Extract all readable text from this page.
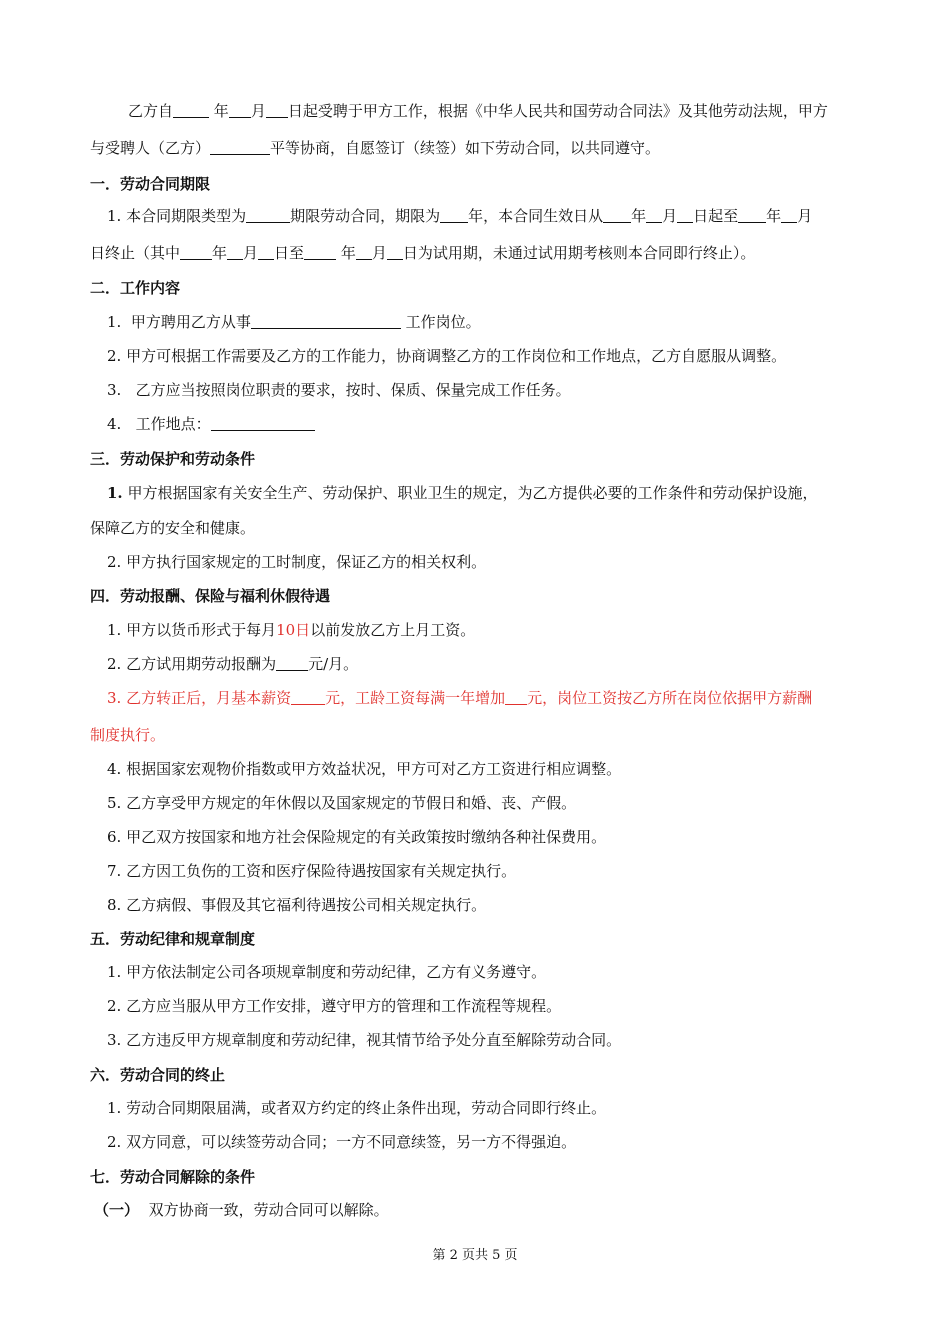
乙方自	年 月 日起受聘于甲方工作，根据《中华人民共和国劳动合同法》及其他劳动法规，甲方
与受聘人（乙方）	平等协商，自愿签订（续签）如下劳动合同，以共同遵守。
一．劳动合同期限
1. 本合同期限类型为	期限劳动合同，期限为 年，本合同生效日从 年 月 日起至 年 月
日终止（其中 年 月 日至 年 月 日为试用期，未通过试用期考核则本合同即行终止）。
二．工作内容
1. 甲方聘用乙方从事	工作岗位。
2. 甲方可根据工作需要及乙方的工作能力，协商调整乙方的工作岗位和工作地点，乙方自愿服从调整。
3. 乙方应当按照岗位职责的要求，按时、保质、保量完成工作任务。
4. 工作地点：
三．劳动保护和劳动条件
1. 甲方根据国家有关安全生产、劳动保护、职业卫生的规定，为乙方提供必要的工作条件和劳动保护设施，
保障乙方的安全和健康。
2. 甲方执行国家规定的工时制度，保证乙方的相关权利。
四．劳动报酬、保险与福利休假待遇
1. 甲方以货币形式于每月10日以前发放乙方上月工资。
2. 乙方试用期劳动报酬为 元/月。
3. 乙方转正后，月基本薪资 元，工龄工资每满一年增加 元，岗位工资按乙方所在岗位依据甲方薪酬
制度执行。
4. 根据国家宏观物价指数或甲方效益状况，甲方可对乙方工资进行相应调整。
5. 乙方享受甲方规定的年休假以及国家规定的节假日和婚、丧、产假。
6. 甲乙双方按国家和地方社会保险规定的有关政策按时缴纳各种社保费用。
7. 乙方因工负伤的工资和医疗保险待遇按国家有关规定执行。
8. 乙方病假、事假及其它福利待遇按公司相关规定执行。
五．劳动纪律和规章制度
1. 甲方依法制定公司各项规章制度和劳动纪律，乙方有义务遵守。
2. 乙方应当服从甲方工作安排，遵守甲方的管理和工作流程等规程。
3. 乙方违反甲方规章制度和劳动纪律，视其情节给予处分直至解除劳动合同。
六．劳动合同的终止
1. 劳动合同期限届满，或者双方约定的终止条件出现，劳动合同即行终止。
2. 双方同意，可以续签劳动合同；一方不同意续签，另一方不得强迫。
七．劳动合同解除的条件
（一） 双方协商一致，劳动合同可以解除。
第 2 页共 5 页
